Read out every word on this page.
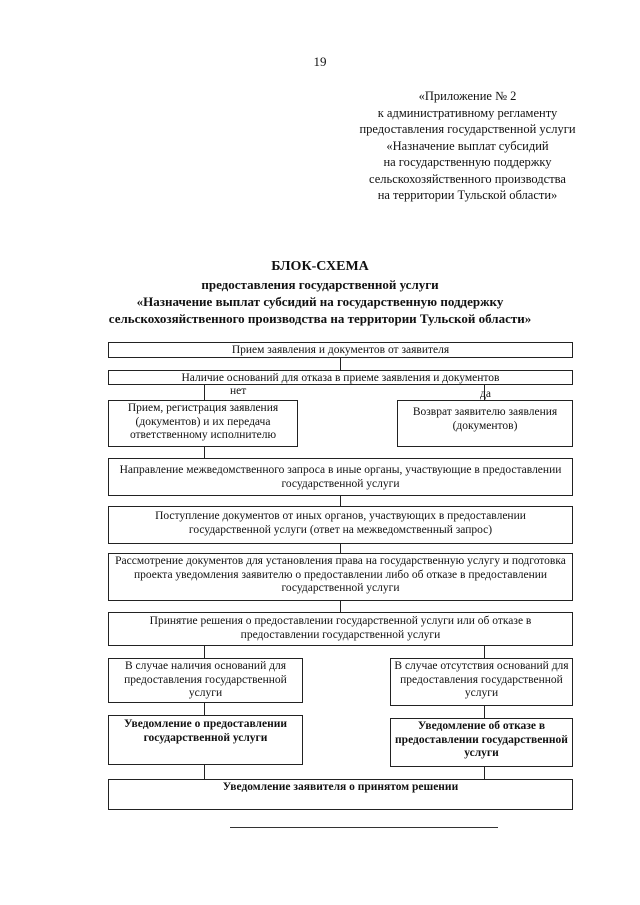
19
«Приложение № 2
к административному регламенту
предоставления государственной услуги
«Назначение выплат субсидий
на государственную поддержку
сельскохозяйственного производства
на территории Тульской области»
БЛОК-СХЕМА
предоставления государственной услуги
«Назначение выплат субсидий на государственную поддержку
сельскохозяйственного производства на территории Тульской области»
Прием заявления и документов от заявителя
Наличие оснований для отказа в приеме заявления и документов
нет	да
Прием, регистрация заявления (документов) и их передача ответственному исполнителю
Возврат заявителю заявления (документов)
Направление межведомственного запроса в иные органы, участвующие в предоставлении государственной услуги
Поступление документов от иных органов, участвующих в предоставлении государственной услуги (ответ на межведомственный запрос)
Рассмотрение документов для установления права на государственную услугу и подготовка проекта уведомления заявителю о предоставлении либо об отказе в предоставлении государственной услуги
Принятие решения о предоставлении государственной услуги или об отказе в предоставлении государственной услуги
В случае наличия оснований для предоставления государственной услуги
В случае отсутствия оснований для предоставления государственной услуги
Уведомление о предоставлении государственной услуги
Уведомление об отказе в предоставлении государственной услуги
Уведомление заявителя о принятом решении
